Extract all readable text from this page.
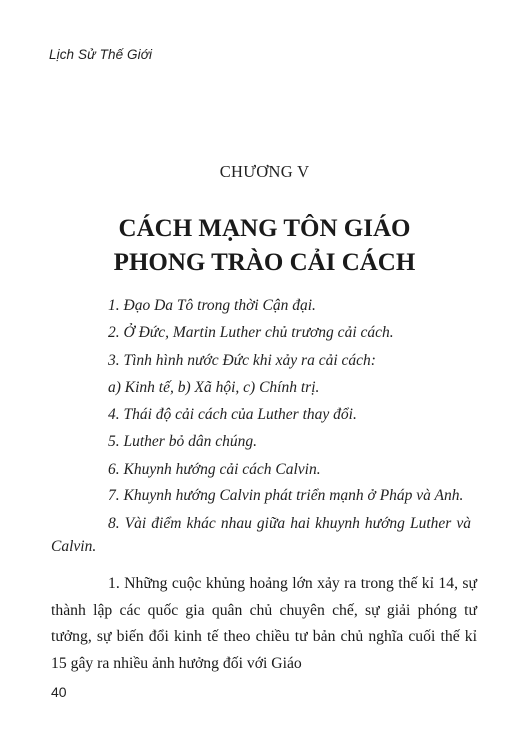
Lịch Sử Thế Giới
CHƯƠNG V
CÁCH MẠNG TÔN GIÁO
PHONG TRÀO CẢI CÁCH
1. Đạo Da Tô trong thời Cận đại.
2. Ở Đức, Martin Luther chủ trương cải cách.
3. Tình hình nước Đức khi xảy ra cải cách:
a) Kinh tế, b) Xã hội, c) Chính trị.
4. Thái độ cải cách của Luther thay đổi.
5. Luther bỏ dân chúng.
6. Khuynh hướng cải cách Calvin.
7. Khuynh hướng Calvin phát triển mạnh ở Pháp và Anh.
8. Vài điểm khác nhau giữa hai khuynh hướng Luther và Calvin.

1. Những cuộc khủng hoảng lớn xảy ra trong thế kỉ 14, sự thành lập các quốc gia quân chủ chuyên chế, sự giải phóng tư tưởng, sự biến đổi kinh tế theo chiều tư bản chủ nghĩa cuối thế kỉ 15 gây ra nhiều ảnh hưởng đối với Giáo

40
